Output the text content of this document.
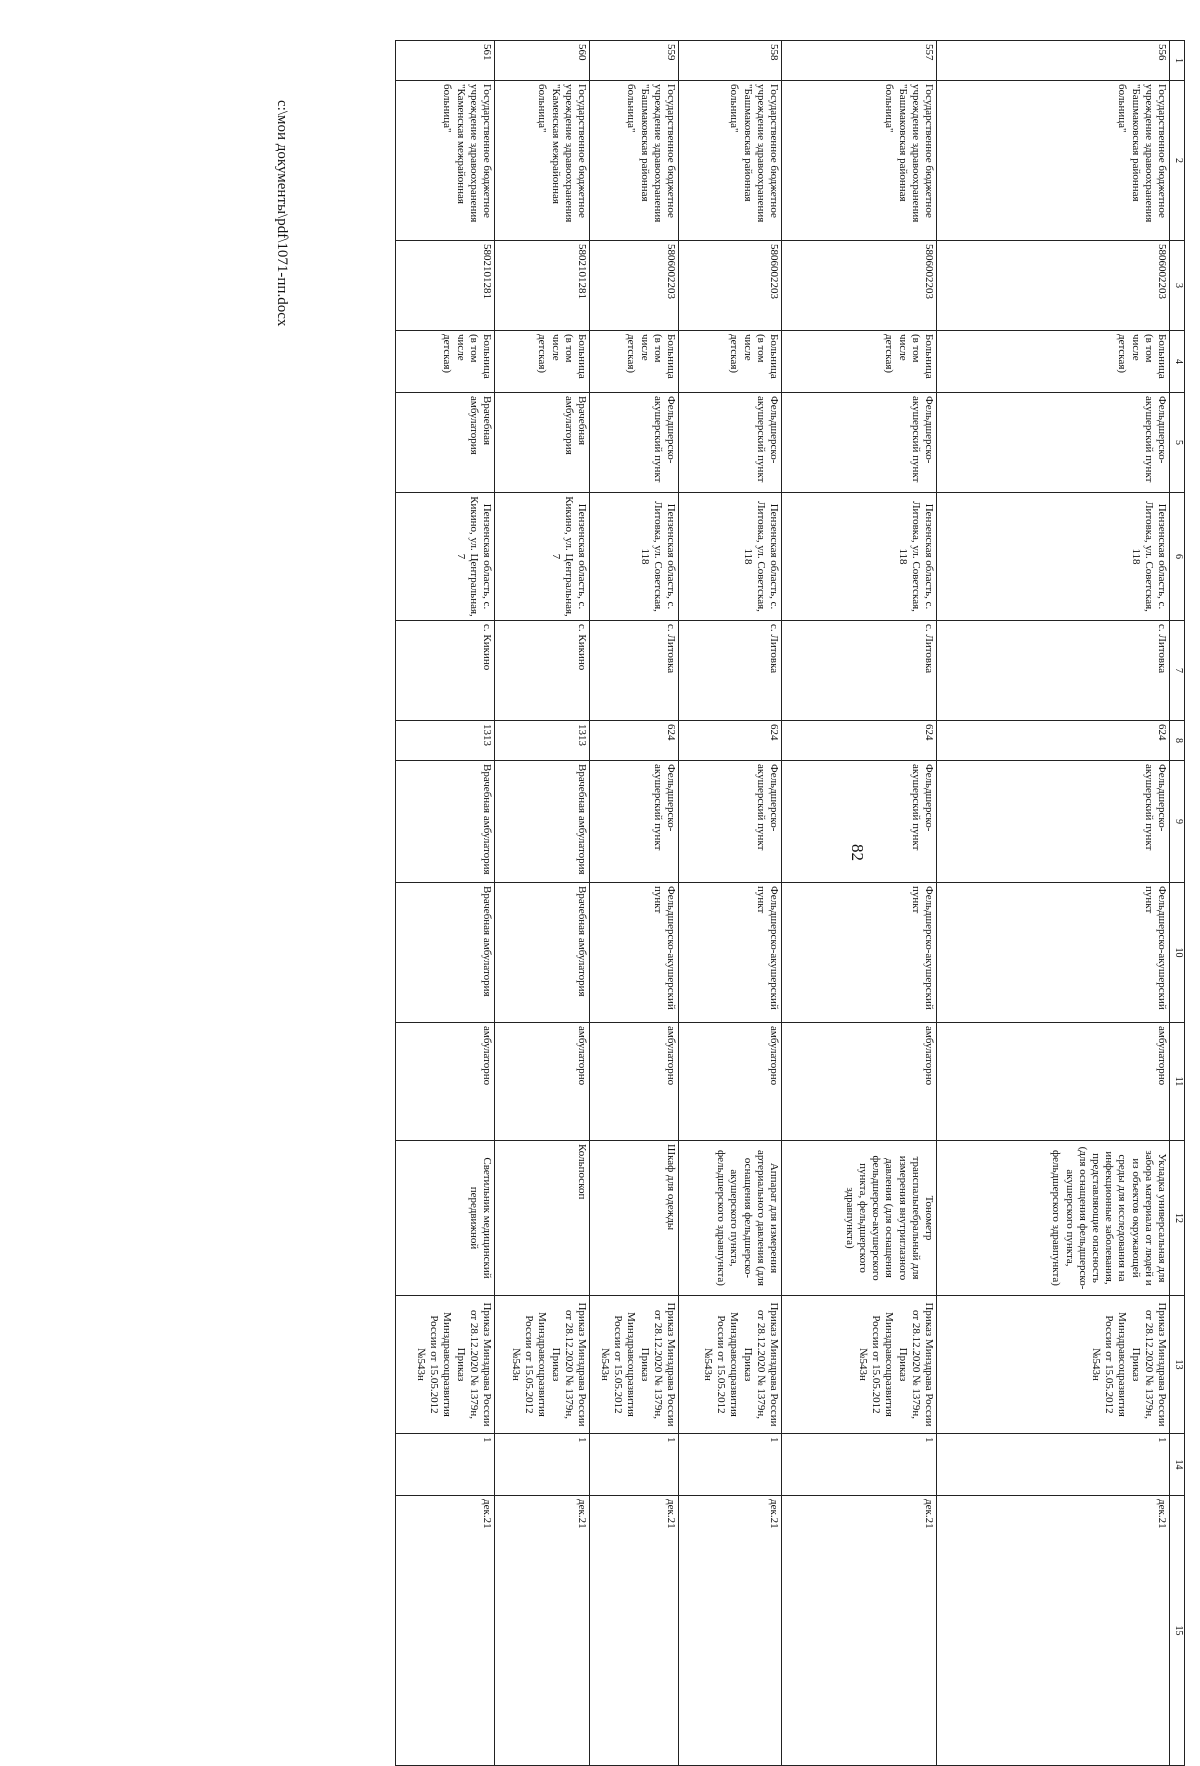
1	2	3	4	5	6	7	8	9	10	11	12	13	14	15
556	Государственное бюджетное учреждение здравоохранения "Башмаковская районная больница"	5806002203	Больница (в том числе детская)	Фельдшерско-акушерский пункт	Пензенская область, с. Литовка, ул. Советская, 118	с. Литовка	624	Фельдшерско-акушерский пункт	Фельдшерско-акушерский пункт	амбулаторно	Укладка универсальная для забора материала от людей и из объектов окружающей среды для исследования на инфекционные заболевания, представляющие опасность (для оснащения фельдшерско-акушерского пункта, фельдшерского здравпункта)	Приказ Минздрава России от 28.12.2020 № 1379н, Приказ Минздравсоцразвития России от 15.05.2012 №543н	1	дек.21
557	Государственное бюджетное учреждение здравоохранения "Башмаковская районная больница"	5806002203	Больница (в том числе детская)	Фельдшерско-акушерский пункт	Пензенская область, с. Литовка, ул. Советская, 118	с. Литовка	624	Фельдшерско-акушерский пункт	Фельдшерско-акушерский пункт	амбулаторно	Тонометр транспальпебральный для измерения внутриглазного давления (для оснащения фельдшерско-акушерского пункта, фельдшерского здравпункта)	Приказ Минздрава России от 28.12.2020 № 1379н, Приказ Минздравсоцразвития России от 15.05.2012 №543н	1	дек.21
558	Государственное бюджетное учреждение здравоохранения "Башмаковская районная больница"	5806002203	Больница (в том числе детская)	Фельдшерско-акушерский пункт	Пензенская область, с. Литовка, ул. Советская, 118	с. Литовка	624	Фельдшерско-акушерский пункт	Фельдшерско-акушерский пункт	амбулаторно	Аппарат для измерения артериального давления (для оснащения фельдшерско-акушерского пункта, фельдшерского здравпункта)	Приказ Минздрава России от 28.12.2020 № 1379н, Приказ Минздравсоцразвития России от 15.05.2012 №543н	1	дек.21
559	Государственное бюджетное учреждение здравоохранения "Башмаковская районная больница"	5806002203	Больница (в том числе детская)	Фельдшерско-акушерский пункт	Пензенская область, с. Литовка, ул. Советская, 118	с. Литовка	624	Фельдшерско-акушерский пункт	Фельдшерско-акушерский пункт	амбулаторно	Шкаф для одежды	Приказ Минздрава России от 28.12.2020 № 1379н, Приказ Минздравсоцразвития России от 15.05.2012 №543н	1	дек.21
560	Государственное бюджетное учреждение здравоохранения "Каменская межрайонная больница"	5802101281	Больница (в том числе детская)	Врачебная амбулатория	Пензенская область, с. Кикино, ул. Центральная, 7	с. Кикино	1313	Врачебная амбулатория	Врачебная амбулатория	амбулаторно	Кольпоскоп	Приказ Минздрава России от 28.12.2020 № 1379н, Приказ Минздравсоцразвития России от 15.05.2012 №543н	1	дек.21
561	Государственное бюджетное учреждение здравоохранения "Каменская межрайонная больница"	5802101281	Больница (в том числе детская)	Врачебная амбулатория	Пензенская область, с. Кикино, ул. Центральная, 7	с. Кикино	1313	Врачебная амбулатория	Врачебная амбулатория	амбулаторно	Светильник медицинский передвижной	Приказ Минздрава России от 28.12.2020 № 1379н, Приказ Минздравсоцразвития России от 15.05.2012 №543н	1	дек.21
82
c:\мои документы\pdf\1071-пп.docx
